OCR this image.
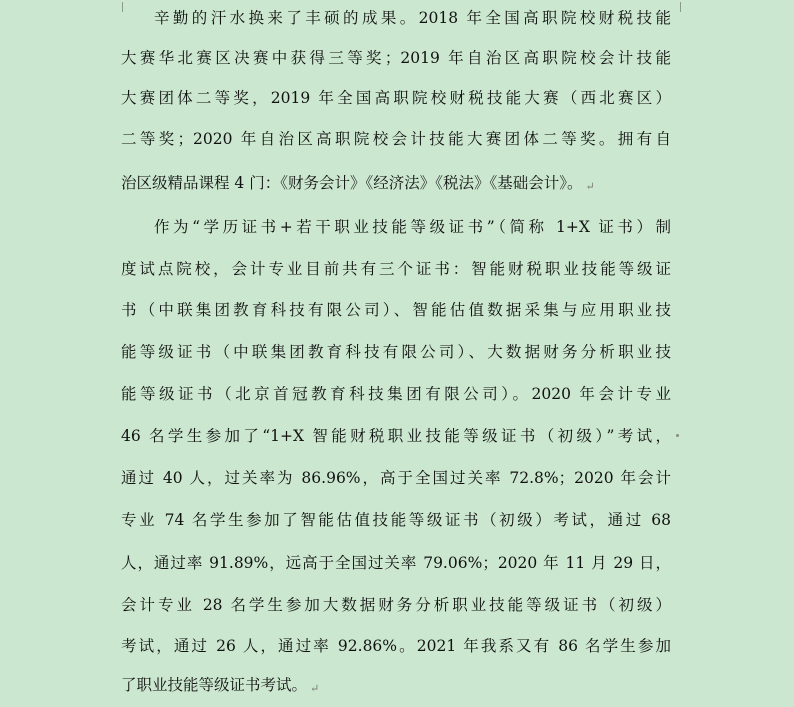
辛勤的汗水换来了丰硕的成果。2018 年全国高职院校财税技能
大赛华北赛区决赛中获得三等奖；2019 年自治区高职院校会计技能
大赛团体二等奖，2019 年全国高职院校财税技能大赛（西北赛区）
二等奖；2020 年自治区高职院校会计技能大赛团体二等奖。拥有自
治区级精品课程 4 门：《财务会计》《经济法》《税法》《基础会计》。 ↵
作为“学历证书+若干职业技能等级证书”（简称 1+X 证书）制
度试点院校，会计专业目前共有三个证书：智能财税职业技能等级证
书（中联集团教育科技有限公司）、智能估值数据采集与应用职业技
能等级证书（中联集团教育科技有限公司）、大数据财务分析职业技
能等级证书（北京首冠教育科技集团有限公司）。2020 年会计专业
46 名学生参加了“1+X 智能财税职业技能等级证书（初级）”考试，
通过 40 人，过关率为 86.96%，高于全国过关率 72.8%；2020 年会计
专业 74 名学生参加了智能估值技能等级证书（初级）考试，通过 68
人，通过率 91.89%，远高于全国过关率 79.06%；2020 年 11 月 29 日，
会计专业 28 名学生参加大数据财务分析职业技能等级证书（初级）
考试，通过 26 人，通过率 92.86%。2021 年我系又有 86 名学生参加
了职业技能等级证书考试。 ↵
